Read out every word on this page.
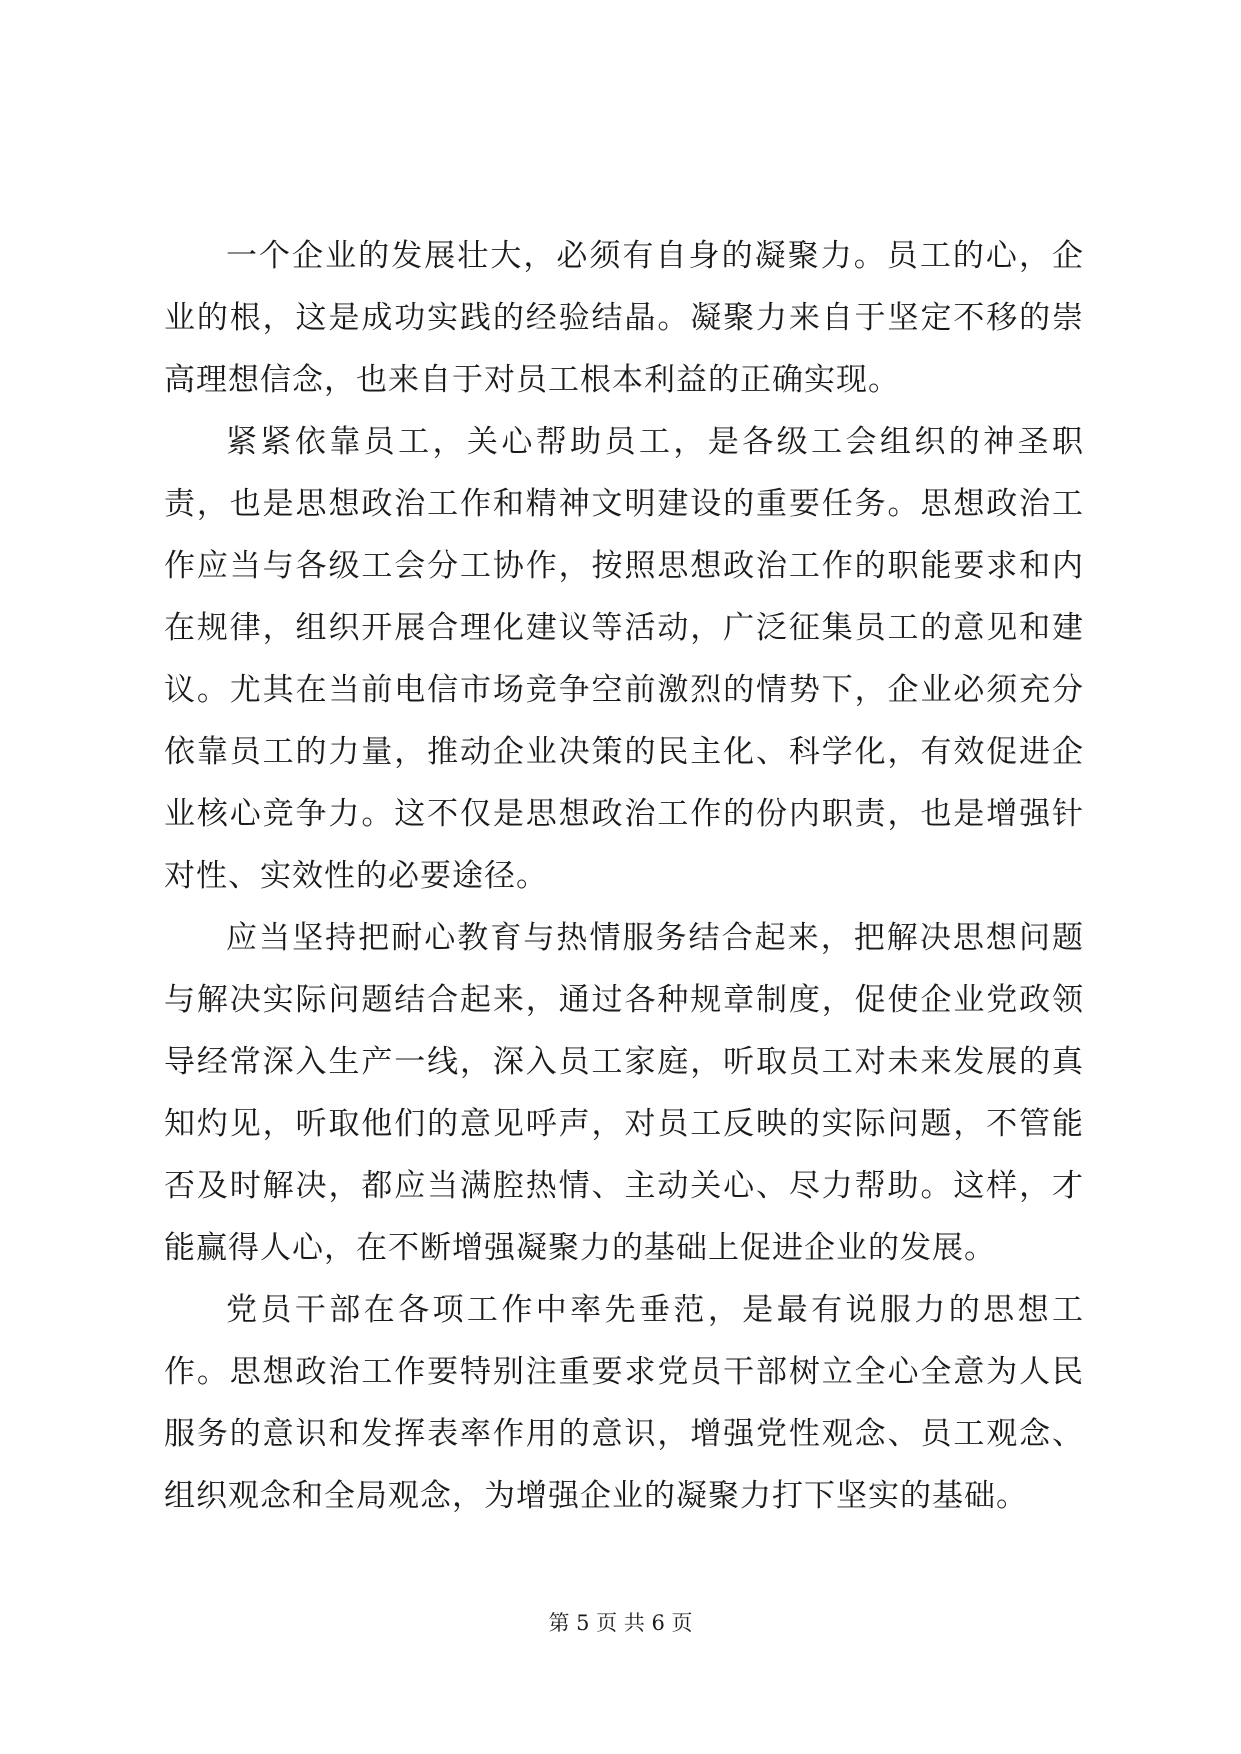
一个企业的发展壮大，必须有自身的凝聚力。员工的心，企业的根，这是成功实践的经验结晶。凝聚力来自于坚定不移的崇高理想信念，也来自于对员工根本利益的正确实现。

紧紧依靠员工，关心帮助员工，是各级工会组织的神圣职责，也是思想政治工作和精神文明建设的重要任务。思想政治工作应当与各级工会分工协作，按照思想政治工作的职能要求和内在规律，组织开展合理化建议等活动，广泛征集员工的意见和建议。尤其在当前电信市场竞争空前激烈的情势下，企业必须充分依靠员工的力量，推动企业决策的民主化、科学化，有效促进企业核心竞争力。这不仅是思想政治工作的份内职责，也是增强针对性、实效性的必要途径。

应当坚持把耐心教育与热情服务结合起来，把解决思想问题与解决实际问题结合起来，通过各种规章制度，促使企业党政领导经常深入生产一线，深入员工家庭，听取员工对未来发展的真知灼见，听取他们的意见呼声，对员工反映的实际问题，不管能否及时解决，都应当满腔热情、主动关心、尽力帮助。这样，才能赢得人心，在不断增强凝聚力的基础上促进企业的发展。

党员干部在各项工作中率先垂范，是最有说服力的思想工作。思想政治工作要特别注重要求党员干部树立全心全意为人民服务的意识和发挥表率作用的意识，增强党性观念、员工观念、组织观念和全局观念，为增强企业的凝聚力打下坚实的基础。

第 5 页 共 6 页
